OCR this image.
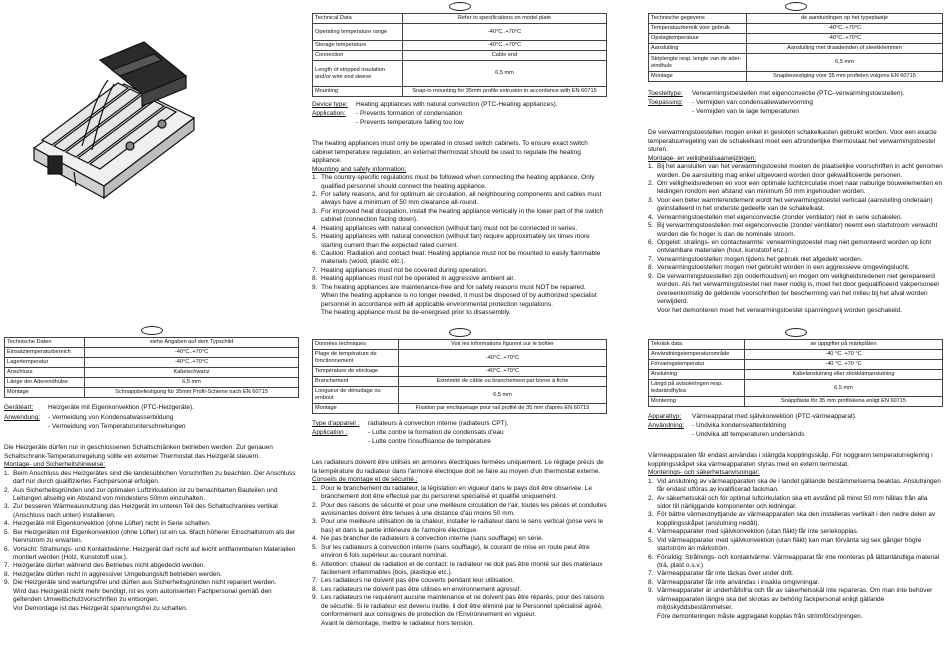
Technical Data	Refer to specifications on model plate
Operating temperature range	-40°C..+70°C
Storage temperature	-40°C..+70°C
Connection	Cable end
Length of stripped insulation and/or wire end sleeve	6,5 mm
Mounting	Snap-in mounting for 35mm profile extrusion in accordance with EN 60715
Device type:	Heating appliances with natural convection (PTC-Heating appliances).
Application:	- Prevents formation of condensation
- Prevents temperature falling too low
The heating appliances must only be operated in closed switch cabinets. To ensure exact switch cabinet temperature regulation, an external thermostat should be used to regulate the heating appliance.
Mounting and safety information:
1. The country-specific regulations must be followed when connecting the heating appliance. Only qualified personnel should connect the heating appliance.
2. For safety reasons, and for optimum air circulation, all neighbouring components and cables must always have a minimum of 50 mm clearance all-round.
3. For improved heat dissipation, install the heating appliance vertically in the lower part of the switch cabinet (connection facing down).
4. Heating appliances with natural convection (without fan) must not be connected in series.
5. Heating appliances with natural convection (without fan) require approximately six times more starting current than the expected rated current.
6. Caution: Radiation and contact heat: Heating appliance must not be mounted to easily flammable materials (wood, plastic etc.).
7. Heating appliances must not be covered during operation.
8. Heating appliances must not be operated in aggressive ambient air.
9. The heating appliances are maintenance-free and for safety reasons must NOT be repaired.
When the heating appliance is no longer needed, it must be disposed of by authorized specialist personnel in accordance with all applicable environmental protection regulations.
The heating appliance must be de-energised prior to disassembly.
Technische gegevens	de aanduidingen op het typeplaatje
Temperatuurbereik voor gebruik	-40°C..+70°C
Opslagtemperatuur	-40°C..+70°C
Aansluiting	Aansluiting met draadeinden of steekklemmen
Striplengte resp. lengte van de ader-eindhuls	6,5 mm
Montage	Snapbevestiging voor 35 mm profielen volgens EN 60715
Toesteltype:	Verwarmingstoestellen met eigenconvectie (PTC–verwarmingstoestellen).
Toepassing:	- Vermijden van condensatiewatervorming
- Vermijden van te lage temperaturen
De verwarmingstoestellen mogen enkel in gesloten schakelkasten gebruikt worden. Voor een exacte temperatuurregeling van de schakelkast moet een afzonderlijke thermostaat het verwarmingstoestel sturen.
Montage- en veiligheidsaanwijzingen:
1. Bij het aansluiten van het verwarmingstoestel moeten de plaatselijke voorschriften in acht genomen worden. De aansluiting mag enkel uitgevoerd worden door gekwalificeerde personen.
2. Om veiligheidsredenen en voor een optimale luchtcirculatie moet naar naburige bouwelementen en leidingen rondom een afstand van minimum 50 mm ingehouden worden.
3. Voor een beter warmterendement wordt het verwarmingstoestel verticaal (aansluiting onderaan) geïnstalleerd in het onderste gedeelte van de schakelkast.
4. Verwarmingstoestellen met eigenconvectie (zonder ventilator) niet in serie schakelen.
5. Bij verwarmingstoestellen met eigenconvectie (zonder ventilator) neemt een startstroom verwacht worden die fix hoger is dan de nominale stroom.
6. Opgelet: stralings- en contactwarmte: verwarmingstoestel mag niet gemonteerd worden op licht ontvlambare materialen (hout, kunststof enz.).
7. Verwarmingstoestellen mogen tijdens het gebruik niet afgedekt worden.
8. Verwarmingstoestellen mogen niet gebruikt worden in een aggressieve omgevingslucht.
9. De verwarmingstoestellen zijn onderhoudsvrij en mogen om veiligheidsredenen niet gerepareerd worden. Als het verwarmingstoestel niet meer nodig is, moet het door gequalificeerd vakpersoneel overeenkomstig de geldende voorschriften ter bescherming van het milieu bij het afval worden verwijderd.
Voor het demonteren moet het verwarmingstoestel spanningsvrij worden geschakeld.
Technische Daten	siehe Angaben auf dem Typschild
Einsatztemperaturbereich	-40°C..+70°C
Lagertemperatur	-40°C..+70°C
Anschluss	Kabelschwanz
Länge der Aderendhülse	6,5 mm
Montage	Schnappbefestigung für 35mm Profil-Schiene nach EN 60715
Gerätéart:	Heizgeräte mit Eigenkonvektion (PTC-Heizgeräte).
Anwendung:	- Vermeidung von Kondensatwasserbildung
- Vermeidung von Temperaturunterschreitungen
Die Heizgeräte dürfen nur in geschlossenen Schaltschränken betrieben werden. Zur genauen Schaltschrank-Temperaturregelung sollte ein externer Thermostat das Heizgerät steuern.
Montage- und Sicherheitshinweise:
1. Beim Anschluss des Heizgerätes sind die landesüblichen Vorschriften zu beachten. Der Anschluss darf nur durch qualifiziertes Fachpersonal erfolgen.
2. Aus Sicherheitsgründen und zur optimalen Luftzirkulation ist zu benachbarten Bauteilen und Leitungen allseitig ein Abstand von mindestens 50mm einzuhalten.
3. Zur besseren Wärmeausnutzung das Heizgerät im unteren Teil des Schaltschrankes vertikal (Anschluss nach unten) installieren.
4. Heizgeräte mit Eigenkonvektion (ohne Lüfter) nicht in Serie schalten.
5. Bei Heizgeräten mit Eigenkonvektion (ohne Lüfter) ist ein ca. 6fach höherer Einschaltstrom als der Nennstrom zu erwarten.
6. Vorsicht: Strahlungs- und Kontaktwärme: Heizgerät darf nicht auf leicht entflammbaren Materialien montiert werden (Holz, Kunststoff usw.).
7. Heizgeräte dürfen während des Betriebes nicht abgedeckt werden.
8. Heizgeräte dürfen nicht in aggressiver Umgebungsluft betrieben werden.
9. Die Heizgeräte sind wartungsfrei und dürfen aus Sicherheitsgründen nicht repariert werden.
Wird das Heizgerät nicht mehr benötigt, ist es vom autorisierten Fachpersonal gemäß den geltenden Umweltschutzvorschriften zu entsorgen.
Vor Demontage ist das Heizgerät spannungsfrei zu schalten.
Données techniques	Voir les informations figurent sur le boîtier
Plage de température de fonctionnement	-40°C..+70°C
Température de stockage	-40°C..+70°C
Branchement	Extrémité de câble ou branchement par borne à fiche
Longueur de dénudage ou embout	6,5 mm
Montage	Fixation par encliquetage pour rail profilé de 35 mm d'après EN 60715
Type d'appareil :	radiateurs à convection interne (radiateurs CPT).
Application :	- Lutte contre la formation de condensats d'eau
- Lutte contre l'insuffisance de température
Les radiateurs doivent être utilisés en armoires électriques fermées uniquement. Le réglage précis de la température du radiateur dans l'armoire électrique doit se faire au moyen d'un thermostat externe.
Conseils de montage et de sécurité :
1. Pour le branchement du radiateur, la législation en vigueur dans le pays doit être observée. Le branchement doit être effectué par du personnel spécialisé et qualifié uniquement.
2. Pour des raisons de sécurité et pour une meilleure circulation de l'air, toutes les pièces et conduites avoisinantes doivent être tenues à une distance d'au moins 50 mm.
3. Pour une meilleure utilisation de la chaleur, installer le radiateur dans le sens vertical (prise vers le bas) et dans la partie inférieure de l'armoire électrique.
4. Ne pas brancher de radiateurs à convection interne (sans soufflage) en série.
5. Sur les radiateurs à convection interne (sans soufflage), le courant de mise en route peut être environ 6 fois supérieur au courant nominal.
6. Attention: chaleur de radiation et de contact: le radiateur ne doit pas être monté sur des matériaux facilement inflammables (bois, plastique etc.).
7. Les radiateurs ne doivent pas être couverts pendant leur utilisation.
8. Les radiateurs ne doivent pas être utilisés en environnement agressif.
9. Les radiateurs ne requièrent aucune maintenance et ne doivent pas être réparés, pour des raisons de sécurité. Si le radiateur est devenu inutile, il doit être éliminé par le Personnel spécialisé agréé, conformément aux consignes de protection de l'Environnement en vigueur.
Avant le démontage, mettre le radiateur hors tension.
Teknisk data	se uppgifter på märkplåten
Användningstemperaturområde	-40 °C. +70 °C
Förvaringstemperatur	-40 °C. +70 °C
Anslutning	Kabelanslutning eller stickklämanslutning
Längd på avisoleringen resp. ledarändhylsa	6,5 mm
Montering	Snäppfäste för 35 mm profilskena enligt EN 60715
Apparattyp:	Värmeapparat med självkonvektion (PTC-värmeapparat).
Användning:	- Undvika kondensvattenbildning
- Undvika att temperaturen underskrids
Värmeapparaten får endast användas i stängda kopplingsskåp. För noggrann temperaturreglering i kopplingsskåpet ska värmeapparaten styras med en extern termostat.
Monterings- och säkerhetsanvisningar:
1. Vid anslutning av värmeapparaten ska de i landet gällande bestämmelserna beaktas. Anslutningen får endast utföras av kvalificerad fackman.
2. Av säkerhetsskäl och för optimal luftcirkulation ska ett avstånd på minst 50 mm hållas från alla sidor till närliggande komponenter och ledningar.
3. För bättre värmeutnyttjande av värmeapparaten ska den installeras vertikalt i den nedre delen av kopplingsskåpet (anslutning nedåt).
4. Värmeapparater med självkonvektion (utan fläkt) får inte seriekopplas.
5. Vid värmeapparater med självkonvektion (utan fläkt) kan man förvänta sig sex gånger högre startström än märkström.
6. Försiktig: Strålnings- och kontaktvärme: Värmeapparat får inte monteras på lättantändliga material (trä, plast o.s.v.)
7. Värmeapparater får inte täckas över under drift.
8. Värmeapparater får inte användas i insakla omgivningar.
9. Värmeapparater är underhållsfria och får av säkerhetsskäl inte repareras. Om man inte behöver värmeapparaten längre ska det skrotas av behörig fackpersonal enligt gällande miljöskyddsbestämmelser.
Före demonteringen måste aggregatet kopplas från strömförsörjningen.
